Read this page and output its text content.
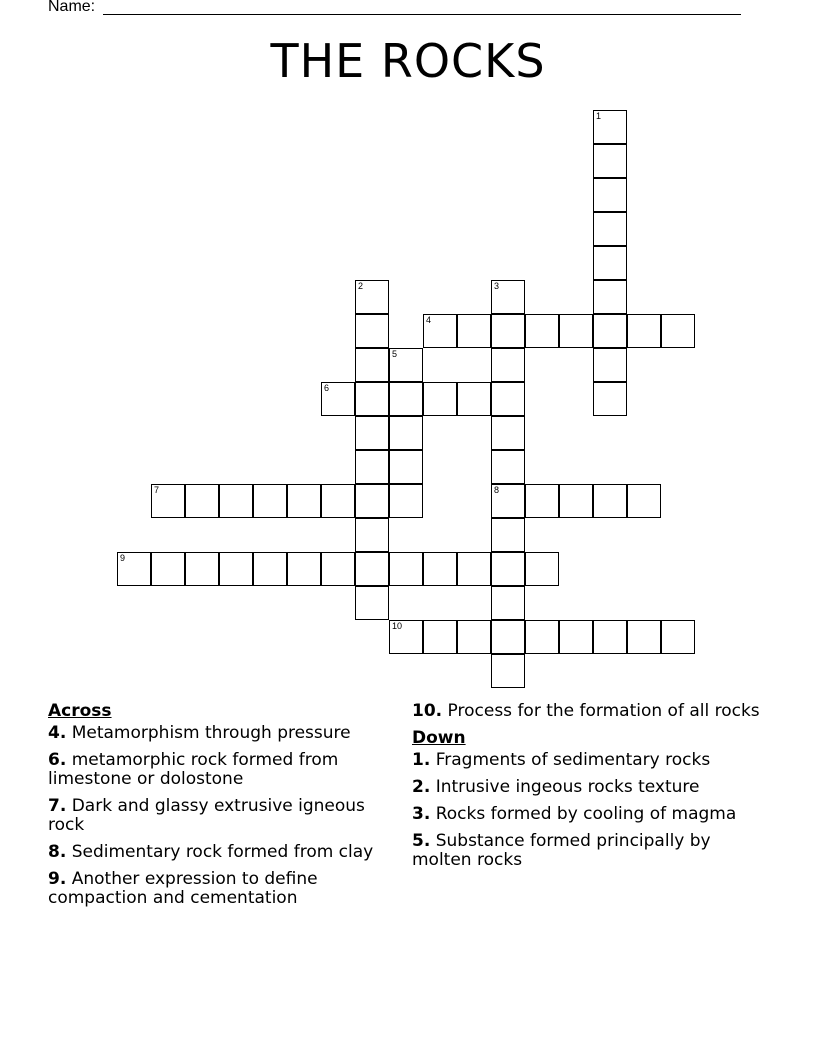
Name:
THE ROCKS
1
2	3
8
4
5
6
7
9
10
Across
4. Metamorphism through pressure
6. metamorphic rock formed from limestone or dolostone
7. Dark and glassy extrusive igneous rock
8. Sedimentary rock formed from clay
9. Another expression to define compaction and cementation
10. Process for the formation of all rocks
Down
1. Fragments of sedimentary rocks
2. Intrusive ingeous rocks texture
3. Rocks formed by cooling of magma
5. Substance formed principally by molten rocks
